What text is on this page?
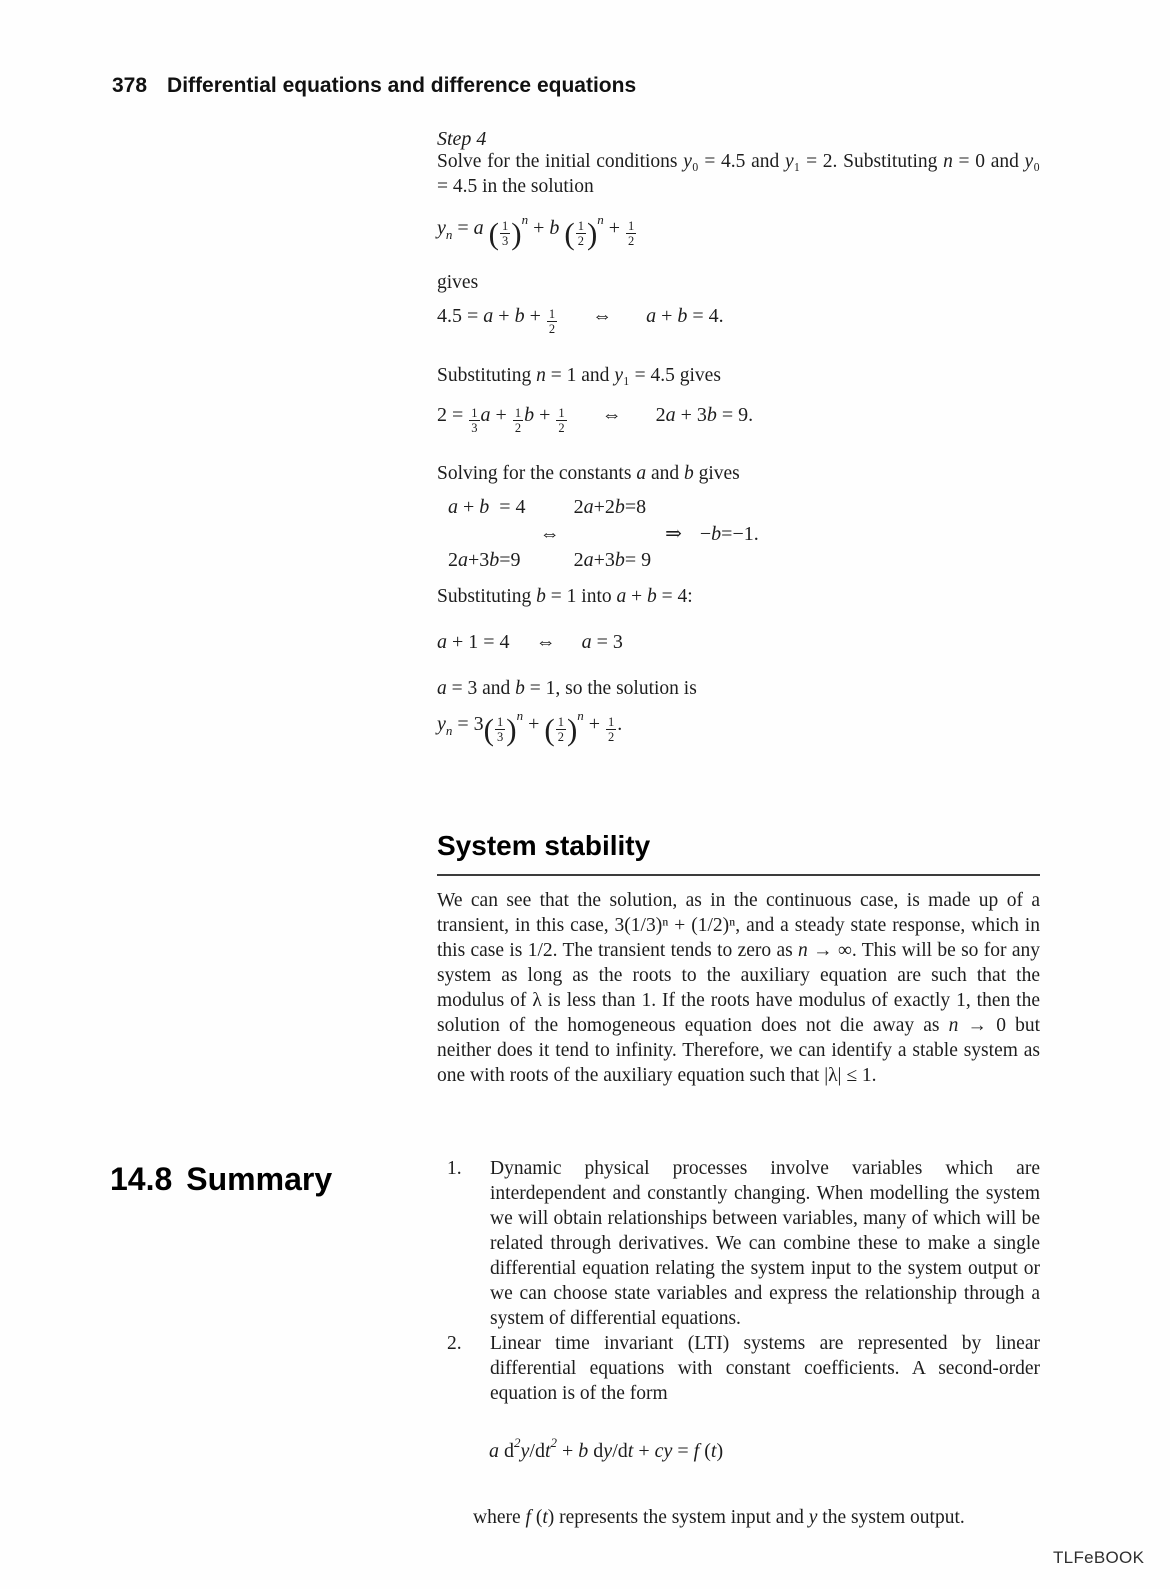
378 Differential equations and difference equations
Step 4

Solve for the initial conditions y₀ = 4.5 and y₁ = 2. Substituting n = 0 and y₀ = 4.5 in the solution

$y_n = a$ ( $\frac{1}{3} )^n + b$ ( $\frac{1}{2} )^n + \frac{1}{2}$

gives

$4.5 = a + b + \frac{1}{2}$ ⇔ a + b = 4.

Substituting n = 1 and y₁ = 4.5 gives

$2 = \frac{1}{3}$ $a + \frac{1}{2}$ $b + \frac{1}{2}$ ⇔ 2a + 3b = 9.

Solving for the constants a and b gives

a + b  = 4
2a+3b=9
⇔
2a+2b=8
2a+3b= 9
⇒ −b=−1.

Substituting b = 1 into a + b = 4:

a + 1 = 4 ⇔ a = 3

a = 3 and b = 1, so the solution is

$y_n = 3( \frac{1}{3} )^n$ + ( $\frac{1}{2} )^n + \frac{1}{2}$ .
System stability

We can see that the solution, as in the continuous case, is made up of a transient, in this case, 3(1/3)ⁿ + (1/2)ⁿ, and a steady state response, which in this case is 1/2. The transient tends to zero as n → ∞. This will be so for any system as long as the roots to the auxiliary equation are such that the modulus of λ is less than 1. If the roots have modulus of exactly 1, then the solution of the homogeneous equation does not die away as n → 0 but neither does it tend to infinity. Therefore, we can identify a stable system as one with roots of the auxiliary equation such that |λ| ≤ 1.

14.8 Summary	1. Dynamic physical processes involve variables which are interdependent and constantly changing. When modelling the system we will obtain relationships between variables, many of which will be related through derivatives. We can combine these to make a single differential equation relating the system input to the system output or we can choose state variables and express the relationship through a system of differential equations.
2. Linear time invariant (LTI) systems are represented by linear differential equations with constant coefficients. A second-order equation is of the form
a $d^2y/dt^2 + b$ dy/dt + cy = f (t)

where f (t) represents the system input and y the system output.

TLFeBOOK
